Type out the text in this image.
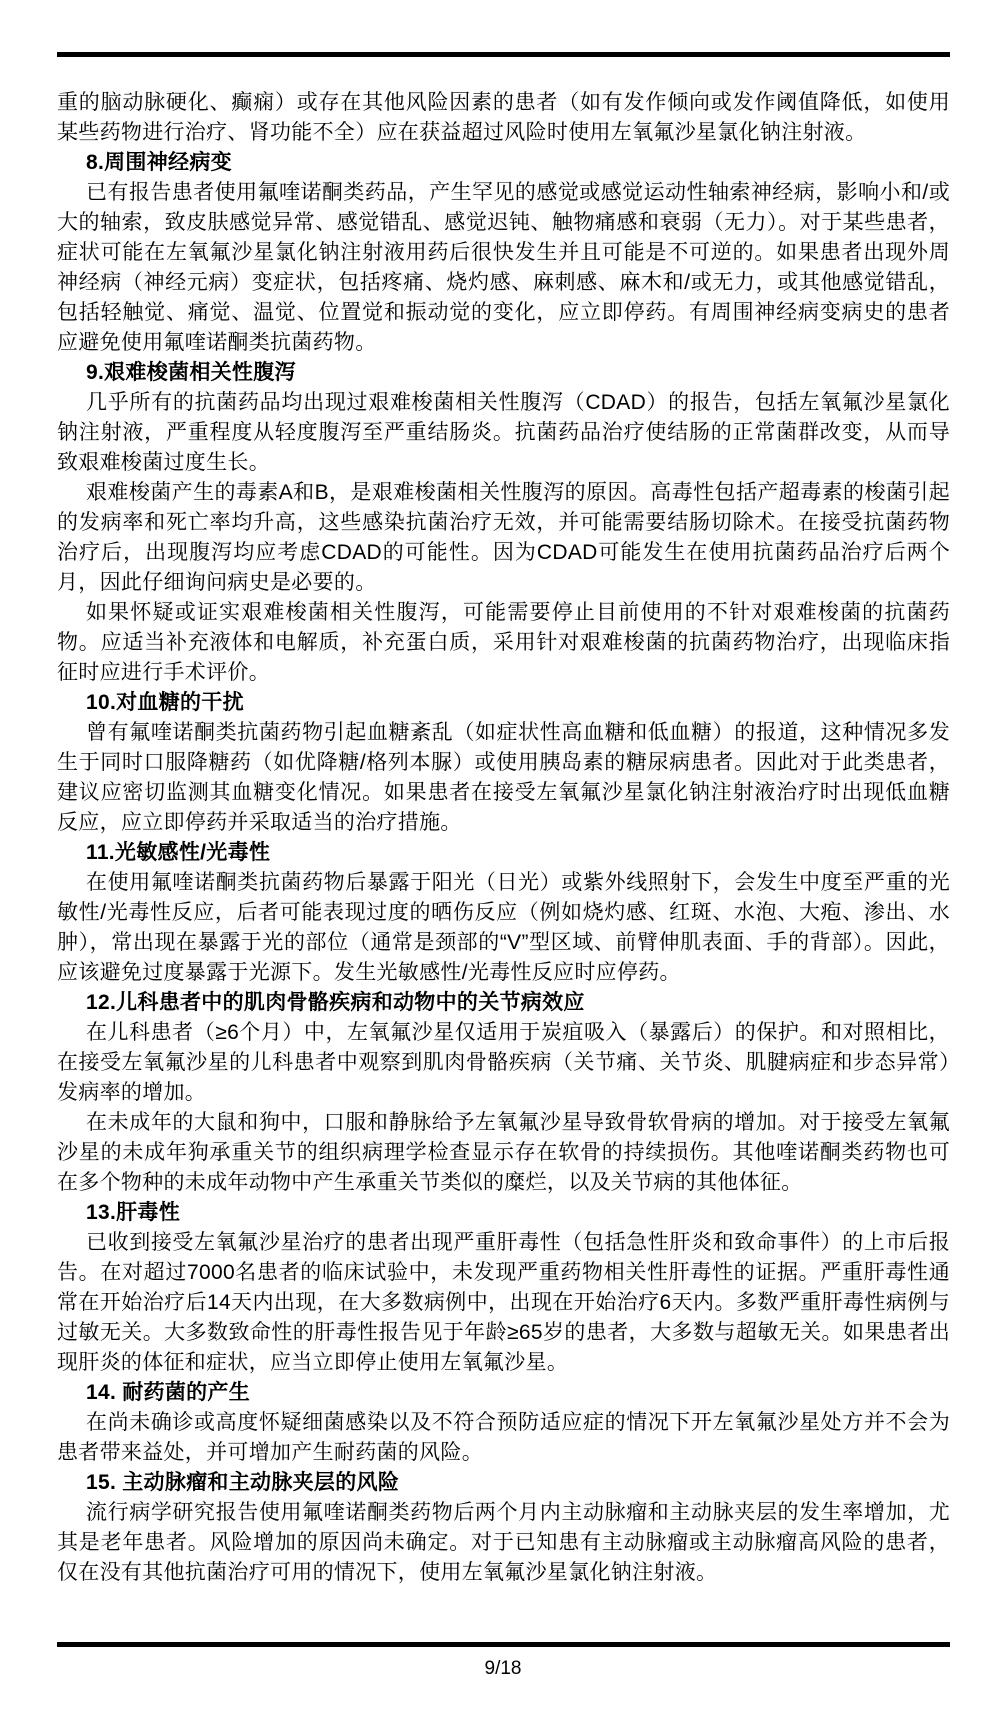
重的脑动脉硬化、癫痫）或存在其他风险因素的患者（如有发作倾向或发作阈值降低，如使用某些药物进行治疗、肾功能不全）应在获益超过风险时使用左氧氟沙星氯化钠注射液。

8.周围神经病变

已有报告患者使用氟喹诺酮类药品，产生罕见的感觉或感觉运动性轴索神经病，影响小和/或大的轴索，致皮肤感觉异常、感觉错乱、感觉迟钝、触物痛感和衰弱（无力）。对于某些患者，症状可能在左氧氟沙星氯化钠注射液用药后很快发生并且可能是不可逆的。如果患者出现外周神经病（神经元病）变症状，包括疼痛、烧灼感、麻刺感、麻木和/或无力，或其他感觉错乱，包括轻触觉、痛觉、温觉、位置觉和振动觉的变化，应立即停药。有周围神经病变病史的患者应避免使用氟喹诺酮类抗菌药物。

9.艰难梭菌相关性腹泻

几乎所有的抗菌药品均出现过艰难梭菌相关性腹泻（CDAD）的报告，包括左氧氟沙星氯化钠注射液，严重程度从轻度腹泻至严重结肠炎。抗菌药品治疗使结肠的正常菌群改变，从而导致艰难梭菌过度生长。

艰难梭菌产生的毒素A和B，是艰难梭菌相关性腹泻的原因。高毒性包括产超毒素的梭菌引起的发病率和死亡率均升高，这些感染抗菌治疗无效，并可能需要结肠切除术。在接受抗菌药物治疗后，出现腹泻均应考虑CDAD的可能性。因为CDAD可能发生在使用抗菌药品治疗后两个月，因此仔细询问病史是必要的。

如果怀疑或证实艰难梭菌相关性腹泻，可能需要停止目前使用的不针对艰难梭菌的抗菌药物。应适当补充液体和电解质，补充蛋白质，采用针对艰难梭菌的抗菌药物治疗，出现临床指征时应进行手术评价。

10.对血糖的干扰

曾有氟喹诺酮类抗菌药物引起血糖紊乱（如症状性高血糖和低血糖）的报道，这种情况多发生于同时口服降糖药（如优降糖/格列本脲）或使用胰岛素的糖尿病患者。因此对于此类患者，建议应密切监测其血糖变化情况。如果患者在接受左氧氟沙星氯化钠注射液治疗时出现低血糖反应，应立即停药并采取适当的治疗措施。

11.光敏感性/光毒性

在使用氟喹诺酮类抗菌药物后暴露于阳光（日光）或紫外线照射下，会发生中度至严重的光敏性/光毒性反应，后者可能表现过度的晒伤反应（例如烧灼感、红斑、水泡、大疱、渗出、水肿），常出现在暴露于光的部位（通常是颈部的“V”型区域、前臂伸肌表面、手的背部）。因此，应该避免过度暴露于光源下。发生光敏感性/光毒性反应时应停药。

12.儿科患者中的肌肉骨骼疾病和动物中的关节病效应

在儿科患者（≥6个月）中，左氧氟沙星仅适用于炭疽吸入（暴露后）的保护。和对照相比，在接受左氧氟沙星的儿科患者中观察到肌肉骨骼疾病（关节痛、关节炎、肌腱病症和步态异常）发病率的增加。

在未成年的大鼠和狗中，口服和静脉给予左氧氟沙星导致骨软骨病的增加。对于接受左氧氟沙星的未成年狗承重关节的组织病理学检查显示存在软骨的持续损伤。其他喹诺酮类药物也可在多个物种的未成年动物中产生承重关节类似的糜烂，以及关节病的其他体征。

13.肝毒性

已收到接受左氧氟沙星治疗的患者出现严重肝毒性（包括急性肝炎和致命事件）的上市后报告。在对超过7000名患者的临床试验中，未发现严重药物相关性肝毒性的证据。严重肝毒性通常在开始治疗后14天内出现，在大多数病例中，出现在开始治疗6天内。多数严重肝毒性病例与过敏无关。大多数致命性的肝毒性报告见于年龄≥65岁的患者，大多数与超敏无关。如果患者出现肝炎的体征和症状，应当立即停止使用左氧氟沙星。

14. 耐药菌的产生

在尚未确诊或高度怀疑细菌感染以及不符合预防适应症的情况下开左氧氟沙星处方并不会为患者带来益处，并可增加产生耐药菌的风险。

15. 主动脉瘤和主动脉夹层的风险

流行病学研究报告使用氟喹诺酮类药物后两个月内主动脉瘤和主动脉夹层的发生率增加，尤其是老年患者。风险增加的原因尚未确定。对于已知患有主动脉瘤或主动脉瘤高风险的患者，仅在没有其他抗菌治疗可用的情况下，使用左氧氟沙星氯化钠注射液。

9/18
